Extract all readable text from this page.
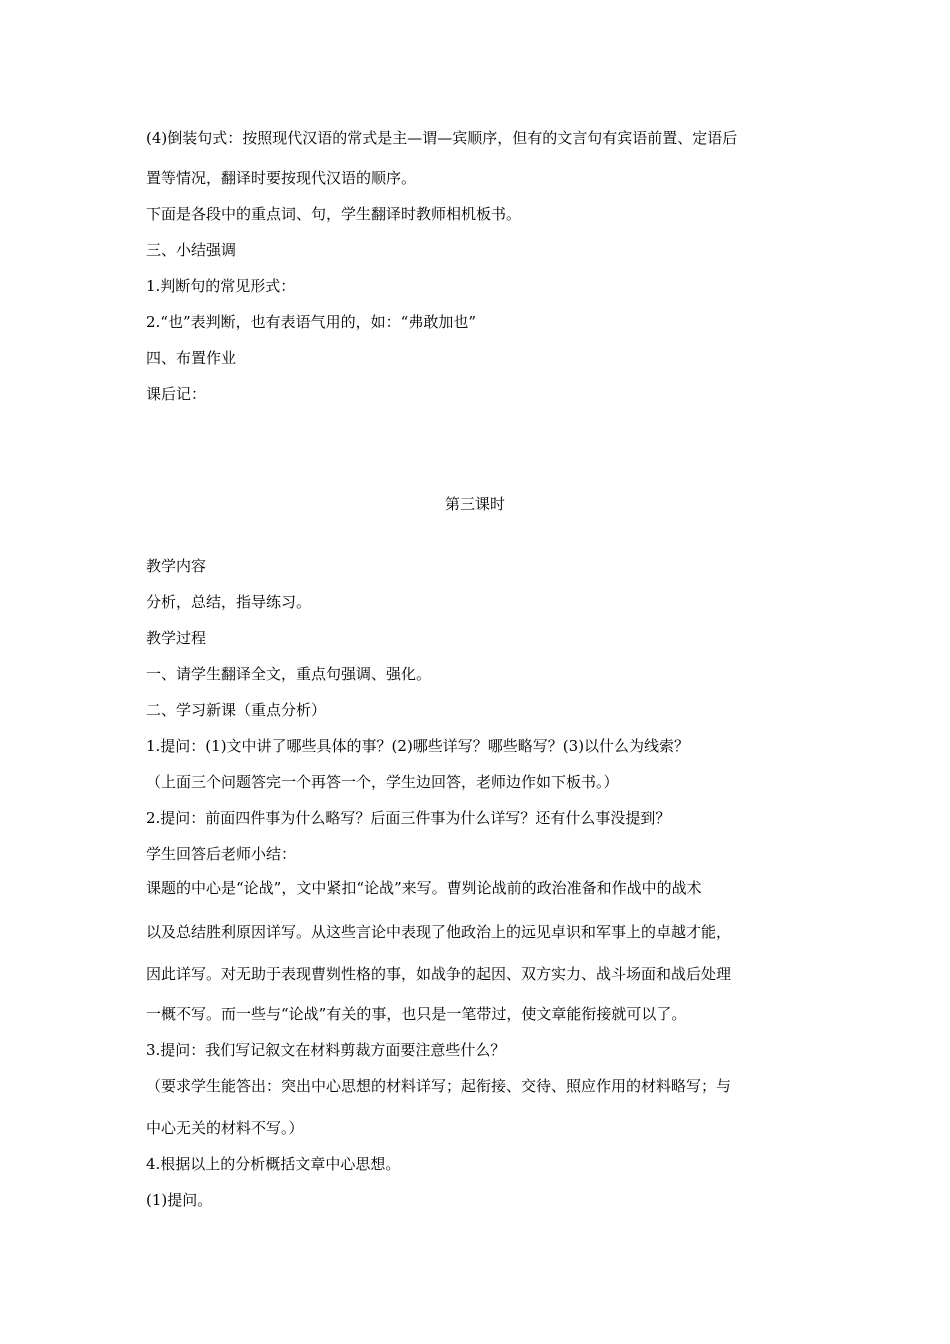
(4)倒装句式：按照现代汉语的常式是主—谓—宾顺序，但有的文言句有宾语前置、定语后
置等情况，翻译时要按现代汉语的顺序。
下面是各段中的重点词、句，学生翻译时教师相机板书。
三、小结强调
1.判断句的常见形式：
2.“也”表判断，也有表语气用的，如：“弗敢加也”
四、布置作业
课后记：
第三课时
教学内容
分析，总结，指导练习。
教学过程
一、请学生翻译全文，重点句强调、强化。
二、学习新课（重点分析）
1.提问：(1)文中讲了哪些具体的事？(2)哪些详写？哪些略写？(3)以什么为线索？
（上面三个问题答完一个再答一个，学生边回答，老师边作如下板书。）
2.提问：前面四件事为什么略写？后面三件事为什么详写？还有什么事没提到？
学生回答后老师小结：
课题的中心是“论战”，文中紧扣“论战”来写。曹刿论战前的政治准备和作战中的战术
以及总结胜利原因详写。从这些言论中表现了他政治上的远见卓识和军事上的卓越才能，
因此详写。对无助于表现曹刿性格的事，如战争的起因、双方实力、战斗场面和战后处理
一概不写。而一些与“论战”有关的事，也只是一笔带过，使文章能衔接就可以了。
3.提问：我们写记叙文在材料剪裁方面要注意些什么？
（要求学生能答出：突出中心思想的材料详写；起衔接、交待、照应作用的材料略写；与
中心无关的材料不写。）
4.根据以上的分析概括文章中心思想。
(1)提问。
